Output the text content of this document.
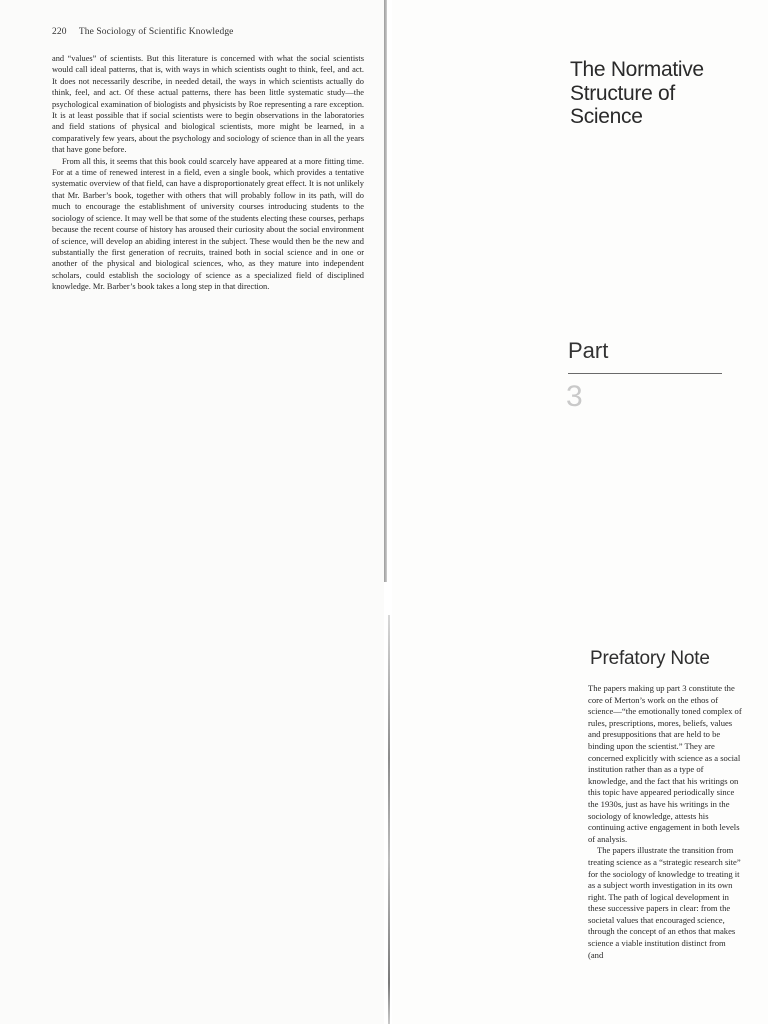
220 The Sociology of Scientific Knowledge

and “values” of scientists. But this literature is concerned with what the social scientists would call ideal patterns, that is, with ways in which scientists ought to think, feel, and act. It does not necessarily describe, in needed detail, the ways in which scientists actually do think, feel, and act. Of these actual patterns, there has been little systematic study—the psychological examination of biologists and physicists by Roe representing a rare exception. It is at least possible that if social scientists were to begin observations in the laboratories and field stations of physical and biological scientists, more might be learned, in a comparatively few years, about the psychology and sociology of science than in all the years that have gone before.

From all this, it seems that this book could scarcely have appeared at a more fitting time. For at a time of renewed interest in a field, even a single book, which provides a tentative systematic overview of that field, can have a disproportionately great effect. It is not unlikely that Mr. Barber’s book, together with others that will probably follow in its path, will do much to encourage the establishment of university courses introducing students to the sociology of science. It may well be that some of the students electing these courses, perhaps because the recent course of history has aroused their curiosity about the social environment of science, will develop an abiding interest in the subject. These would then be the new and substantially the first generation of recruits, trained both in social science and in one or another of the physical and biological sciences, who, as they mature into independent scholars, could establish the sociology of science as a specialized field of disciplined knowledge. Mr. Barber’s book takes a long step in that direction.

The Normative Structure of Science
Part
3
Prefatory Note

The papers making up part 3 constitute the core of Merton’s work on the ethos of science—“the emotionally toned complex of rules, prescriptions, mores, beliefs, values and presuppositions that are held to be binding upon the scientist.” They are concerned explicitly with science as a social institution rather than as a type of knowledge, and the fact that his writings on this topic have appeared periodically since the 1930s, just as have his writings in the sociology of knowledge, attests his continuing active engagement in both levels of analysis.

The papers illustrate the transition from treating science as a “strategic research site” for the sociology of knowledge to treating it as a subject worth investigation in its own right. The path of logical development in these successive papers in clear: from the societal values that encouraged science, through the concept of an ethos that makes science a viable institution distinct from (and
